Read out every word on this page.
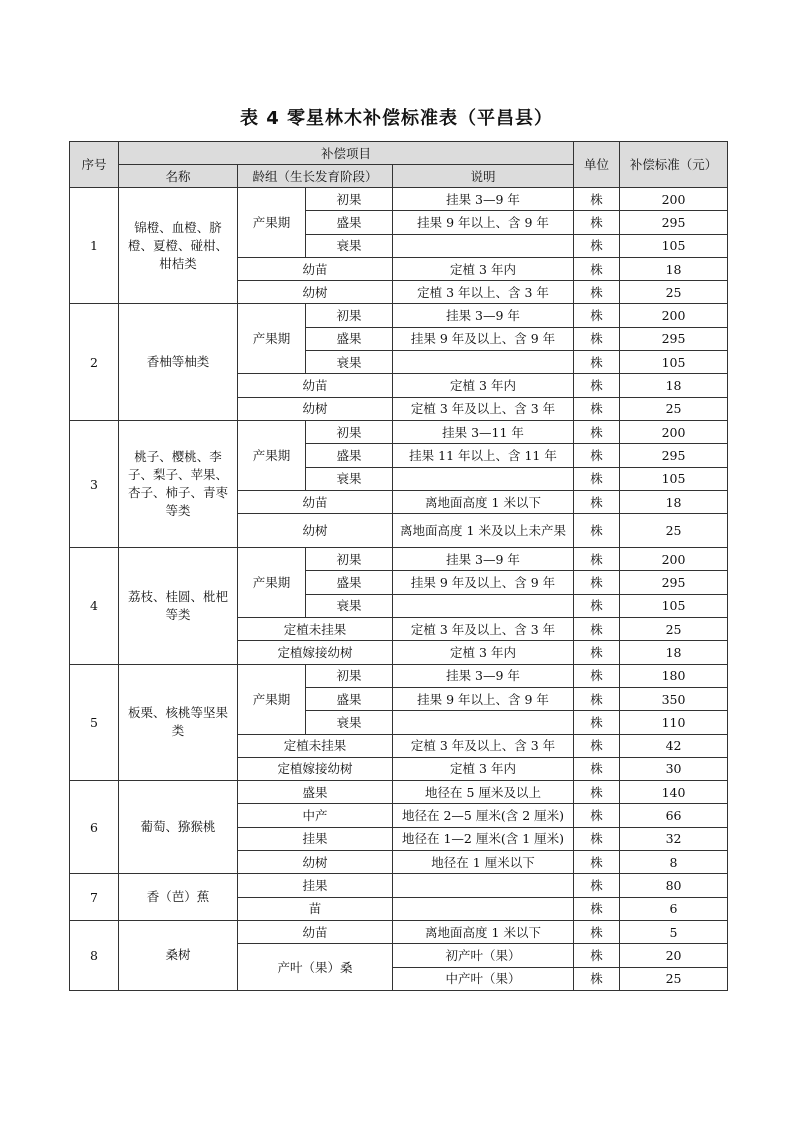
表 4 零星林木补偿标准表（平昌县）
序号	补偿项目				单位	补偿标准（元）
	名称	龄组（生长发育阶段）		说明		
1	锦橙、血橙、脐橙、夏橙、碰柑、柑桔类	产果期	初果	挂果 3—9 年	株	200
			盛果	挂果 9 年以上、含 9 年	株	295
			衰果		株	105
		幼苗		定植 3 年内	株	18
		幼树		定植 3 年以上、含 3 年	株	25
2	香柚等柚类	产果期	初果	挂果 3—9 年	株	200
			盛果	挂果 9 年及以上、含 9 年	株	295
			衰果		株	105
		幼苗		定植 3 年内	株	18
		幼树		定植 3 年及以上、含 3 年	株	25
3	桃子、樱桃、李子、梨子、苹果、杏子、柿子、青枣等类	产果期	初果	挂果 3—11 年	株	200
			盛果	挂果 11 年以上、含 11 年	株	295
			衰果		株	105
		幼苗		离地面高度 1 米以下	株	18
		幼树		离地面高度 1 米及以上未产果	株	25
4	荔枝、桂圆、枇杷等类	产果期	初果	挂果 3—9 年	株	200
			盛果	挂果 9 年及以上、含 9 年	株	295
			衰果		株	105
		定植未挂果		定植 3 年及以上、含 3 年	株	25
		定植嫁接幼树		定植 3 年内	株	18
5	板栗、核桃等坚果类	产果期	初果	挂果 3—9 年	株	180
			盛果	挂果 9 年以上、含 9 年	株	350
			衰果		株	110
		定植未挂果		定植 3 年及以上、含 3 年	株	42
		定植嫁接幼树		定植 3 年内	株	30
6	葡萄、猕猴桃	盛果		地径在 5 厘米及以上	株	140
		中产		地径在 2—5 厘米(含 2 厘米)	株	66
		挂果		地径在 1—2 厘米(含 1 厘米)	株	32
		幼树		地径在 1 厘米以下	株	8
7	香（芭）蕉	挂果			株	80
		苗			株	6
8	桑树	幼苗		离地面高度 1 米以下	株	5
		产叶（果）桑		初产叶（果）	株	20
				中产叶（果）	株	25
